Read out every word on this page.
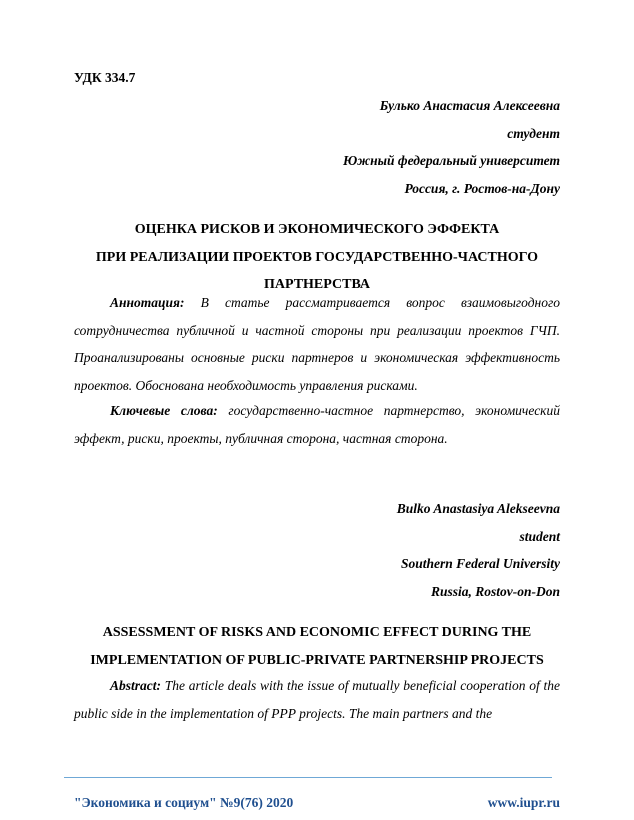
УДК 334.7
Булько Анастасия Алексеевна
студент
Южный федеральный университет
Россия, г. Ростов-на-Дону
ОЦЕНКА РИСКОВ И ЭКОНОМИЧЕСКОГО ЭФФЕКТА
ПРИ РЕАЛИЗАЦИИ ПРОЕКТОВ ГОСУДАРСТВЕННО-ЧАСТНОГО
ПАРТНЕРСТВА
Аннотация: В статье рассматривается вопрос взаимовыгодного сотрудничества публичной и частной стороны при реализации проектов ГЧП. Проанализированы основные риски партнеров и экономическая эффективность проектов. Обоснована необходимость управления рисками.
Ключевые слова: государственно-частное партнерство, экономический эффект, риски, проекты, публичная сторона, частная сторона.
Bulko Anastasiya Alekseevna
student
Southern Federal University
Russia, Rostov-on-Don
ASSESSMENT OF RISKS AND ECONOMIC EFFECT DURING THE
IMPLEMENTATION OF PUBLIC-PRIVATE PARTNERSHIP PROJECTS
Abstract: The article deals with the issue of mutually beneficial cooperation of the public side in the implementation of PPP projects. The main partners and the
"Экономика и социум" №9(76) 2020	www.iupr.ru
